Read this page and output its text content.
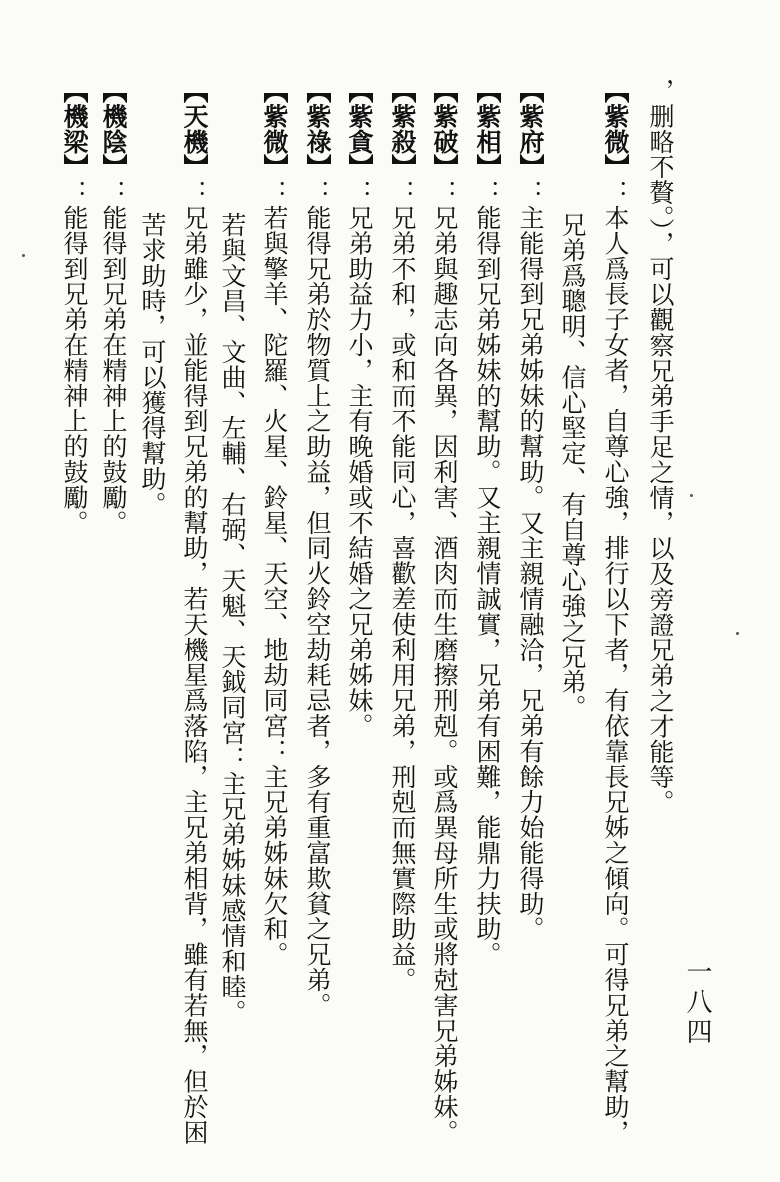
一八四
，删略不贅。），可以觀察兄弟手足之情，以及旁證兄弟之才能等。
【紫微】：本人爲長子女者，自尊心強，排行以下者，有依靠長兄姊之傾向。可得兄弟之幫助，
兄弟爲聰明、信心堅定、有自尊心強之兄弟。
【紫府】：主能得到兄弟姊妹的幫助。又主親情融洽，兄弟有餘力始能得助。
【紫相】：能得到兄弟姊妹的幫助。又主親情誠實，兄弟有困難，能鼎力扶助。
【紫破】：兄弟與趣志向各異，因利害、酒肉而生磨擦刑剋。或爲異母所生或將尅害兄弟姊妹。
【紫殺】：兄弟不和，或和而不能同心，喜歡差使利用兄弟，刑剋而無實際助益。
【紫貪】：兄弟助益力小，主有晚婚或不結婚之兄弟姊妹。
【紫祿】：能得兄弟於物質上之助益，但同火鈴空劫耗忌者，多有重富欺貧之兄弟。
【紫微】：若與擎羊、陀羅、火星、鈴星、天空、地劫同宮：主兄弟姊妹欠和。
若與文昌、文曲、左輔、右弼、天魁、天鉞同宮：主兄弟姊妹感情和睦。
【天機】：兄弟雖少，並能得到兄弟的幫助，若天機星爲落陷，主兄弟相背，雖有若無，但於困
苦求助時，可以獲得幫助。
【機陰】：能得到兄弟在精神上的鼓勵。
【機梁】：能得到兄弟在精神上的鼓勵。
